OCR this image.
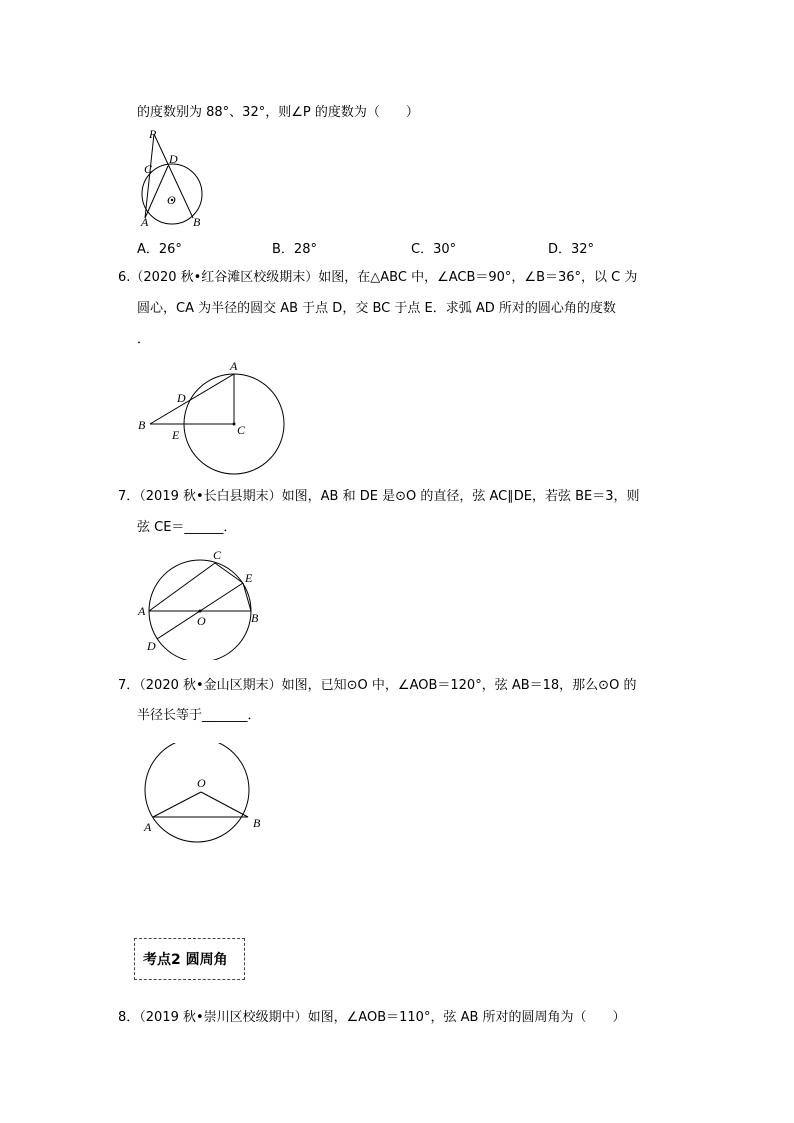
的度数别为 88°、32°，则∠P 的度数为（　　）
P
C
D
O
A	B
A．26°	B．28°	C．30°	D．32°
6.（2020 秋•红谷滩区校级期末）如图，在△ABC 中，∠ACB＝90°，∠B＝36°，以 C 为
圆心，CA 为半径的圆交 AB 于点 D，交 BC 于点 E．求弧 AD 所对的圆心角的度数
．
A
D
B
E	C
7．（2019 秋•长白县期末）如图，AB 和 DE 是⊙O 的直径，弦 AC∥DE，若弦 BE＝3，则
弦 CE＝______．
C
E
A
O	B
D
7．（2020 秋•金山区期末）如图，已知⊙O 中，∠AOB＝120°，弦 AB＝18，那么⊙O 的
半径长等于_______．
O
A	B
考点2 圆周角
8．（2019 秋•崇川区校级期中）如图，∠AOB＝110°，弦 AB 所对的圆周角为（　　）
